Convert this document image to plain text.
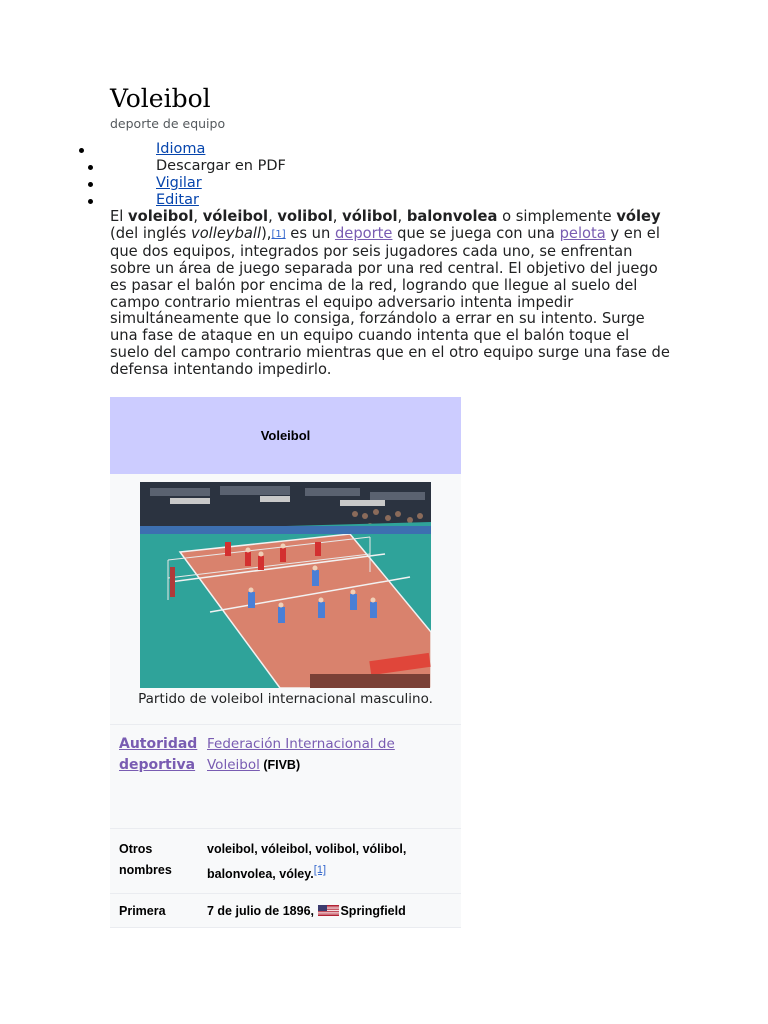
Voleibol
deporte de equipo
Idioma
Descargar en PDF
Vigilar
Editar

El voleibol, vóleibol, volibol, vólibol, balonvolea o simplemente vóley (del inglés volleyball),[1] es un deporte que se juega con una pelota y en el que dos equipos, integrados por seis jugadores cada uno, se enfrentan sobre un área de juego separada por una red central. El objetivo del juego es pasar el balón por encima de la red, logrando que llegue al suelo del campo contrario mientras el equipo adversario intenta impedir simultáneamente que lo consiga, forzándolo a errar en su intento. Surge una fase de ataque en un equipo cuando intenta que el balón toque el suelo del campo contrario mientras que en el otro equipo surge una fase de defensa intentando impedirlo.

Voleibol
Partido de voleibol internacional masculino.
Autoridad deportiva
Federación Internacional de Voleibol (FIVB)
Otros nombres
voleibol, vóleibol, volibol, vólibol, balonvolea, vóley.[1]
Primera	7 de julio de 1896, Springfield
